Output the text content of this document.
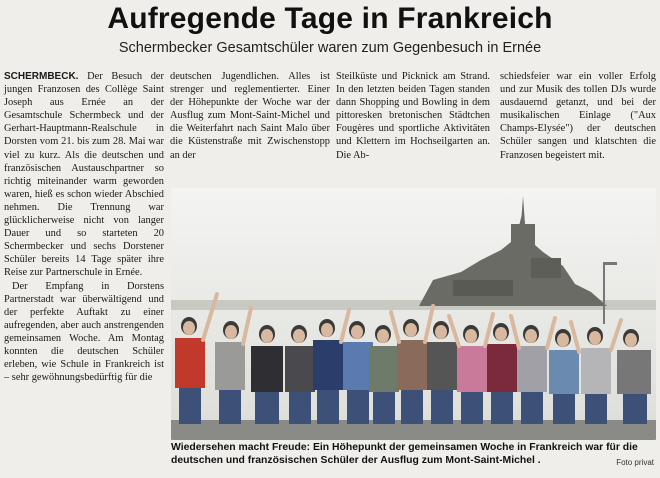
Aufregende Tage in Frankreich
Schermbecker Gesamtschüler waren zum Gegenbesuch in Ernée

SCHERMBECK. Der Besuch der jungen Franzosen des Collège Saint Joseph aus Ernée an der Gesamtschule Schermbeck und der Gerhart-Hauptmann-Realschule in Dorsten vom 21. bis zum 28. Mai war viel zu kurz. Als die deutschen und französischen Austauschpartner so richtig miteinander warm geworden waren, hieß es schon wieder Abschied nehmen. Die Trennung war glücklicherweise nicht von langer Dauer und so starteten 20 Schermbecker und sechs Dorstener Schüler bereits 14 Tage später ihre Reise zur Partnerschule in Ernée.

Der Empfang in Dorstens Partnerstadt war überwältigend und der perfekte Auftakt zu einer aufregenden, aber auch anstrengenden gemeinsamen Woche. Am Montag konnten die deutschen Schüler erleben, wie Schule in Frankreich ist – sehr gewöhnungsbedürftig für die

deutschen Jugendlichen. Alles ist strenger und reglementierter. Einer der Höhepunkte der Woche war der Ausflug zum Mont-Saint-Michel und die Weiterfahrt nach Saint Malo über die Küstenstraße mit Zwischenstopp an der

Steilküste und Picknick am Strand. In den letzten beiden Tagen standen dann Shopping und Bowling in dem pittoresken bretonischen Städtchen Fougères und sportliche Aktivitäten und Klettern im Hochseilgarten an. Die Ab-

schiedsfeier war ein voller Erfolg und zur Musik des tollen DJs wurde ausdauernd getanzt, und bei der musikalischen Einlage ("Aux Champs-Elysée") der deutschen Schüler sangen und klatschten die Franzosen begeistert mit.

Wiedersehen macht Freude: Ein Höhepunkt der gemeinsamen Woche in Frankreich war für die deutschen und französischen Schüler der Ausflug zum Mont-Saint-Michel .	Foto privat
